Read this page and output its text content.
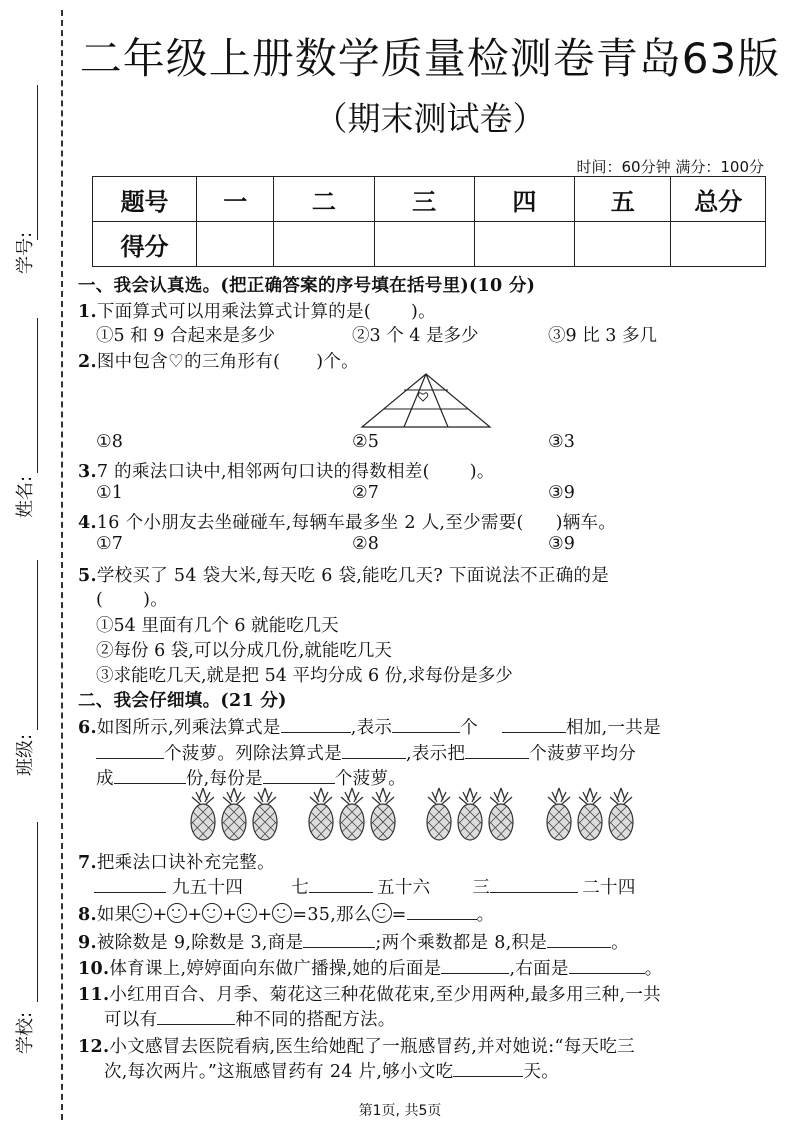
学号:
姓名:
班级:
学校:
二年级上册数学质量检测卷青岛63版
（期末测试卷）
时间：60分钟 满分：100分
题号	一	二	三	四	五	总分
得分						
一、我会认真选。(把正确答案的序号填在括号里)(10 分)
1.下面算式可以用乘法算式计算的是( )。
①5 和 9 合起来是多少	②3 个 4 是多少	③9 比 3 多几
2.图中包含♡的三角形有( )个。
①8	②5	③3
3.7 的乘法口诀中,相邻两句口诀的得数相差( )。
①1	②7	③9
4.16 个小朋友去坐碰碰车,每辆车最多坐 2 人,至少需要( )辆车。
①7	②8	③9
5.学校买了 54 袋大米,每天吃 6 袋,能吃几天? 下面说法不正确的是
( )。
①54 里面有几个 6 就能吃几天
②每份 6 袋,可以分成几份,就能吃几天
③求能吃几天,就是把 54 平均分成 6 份,求每份是多少
二、我会仔细填。(21 分)
6.如图所示,列乘法算式是	,表示	个	相加,一共是
个菠萝。列除法算式是	,表示把	个菠萝平均分
成	份,每份是	个菠萝。
7.把乘法口诀补充完整。
九五十四	七	五十六 三	二十四
8.如果 + + + + =35,那么 =	。
9.被除数是 9,除数是 3,商是	;两个乘数都是 8,积是	。
10.体育课上,婷婷面向东做广播操,她的后面是	,右面是	。
11.小红用百合、月季、菊花这三种花做花束,至少用两种,最多用三种,一共
可以有	种不同的搭配方法。
12.小文感冒去医院看病,医生给她配了一瓶感冒药,并对她说:“每天吃三
次,每次两片。”这瓶感冒药有 24 片,够小文吃	天。
第1页, 共5页
